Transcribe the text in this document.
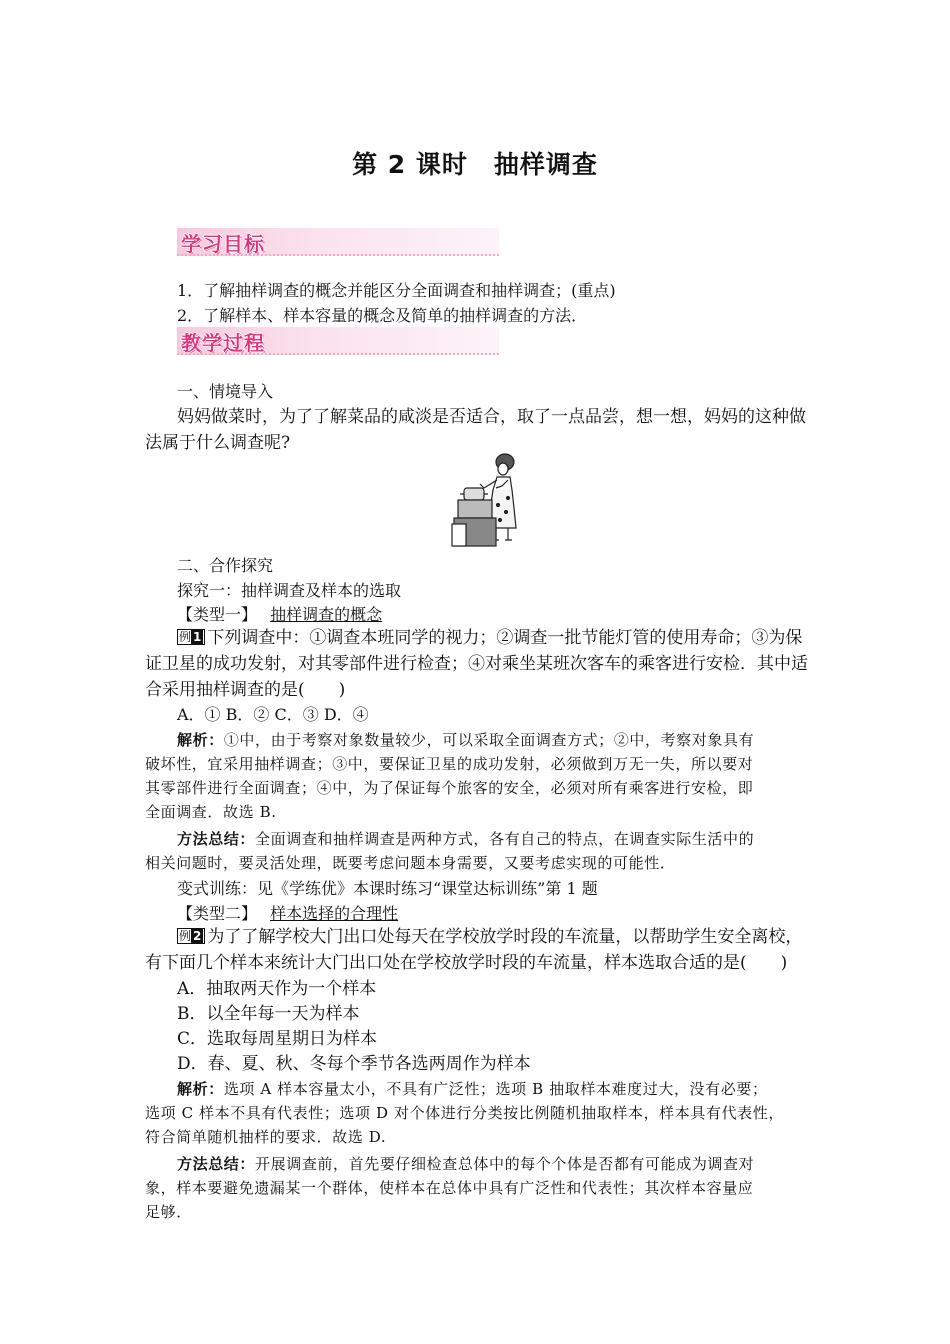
第 2 课时　抽样调查
学习目标
1．了解抽样调查的概念并能区分全面调查和抽样调查；(重点)
2．了解样本、样本容量的概念及简单的抽样调查的方法．
教学过程
一、情境导入
妈妈做菜时，为了了解菜品的咸淡是否适合，取了一点品尝，想一想，妈妈的这种做
法属于什么调查呢?
二、合作探究
探究一：抽样调查及样本的选取
【类型一】 抽样调查的概念
例 1 下列调查中：①调查本班同学的视力；②调查一批节能灯管的使用寿命；③为保
证卫星的成功发射，对其零部件进行检查；④对乘坐某班次客车的乘客进行安检．其中适
合采用抽样调查的是(　　)
A．① B．② C．③ D．④
解析：①中，由于考察对象数量较少，可以采取全面调查方式；②中，考察对象具有
破坏性，宜采用抽样调查；③中，要保证卫星的成功发射，必须做到万无一失，所以要对
其零部件进行全面调查；④中，为了保证每个旅客的安全，必须对所有乘客进行安检，即
全面调查．故选 B.
方法总结：全面调查和抽样调查是两种方式，各有自己的特点，在调查实际生活中的
相关问题时，要灵活处理，既要考虑问题本身需要，又要考虑实现的可能性．
变式训练：见《学练优》本课时练习“课堂达标训练”第 1 题
【类型二】 样本选择的合理性
例 2 为了了解学校大门出口处每天在学校放学时段的车流量，以帮助学生安全离校，
有下面几个样本来统计大门出口处在学校放学时段的车流量，样本选取合适的是(　　)
A．抽取两天作为一个样本
B．以全年每一天为样本
C．选取每周星期日为样本
D．春、夏、秋、冬每个季节各选两周作为样本
解析：选项 A 样本容量太小，不具有广泛性；选项 B 抽取样本难度过大，没有必要；
选项 C 样本不具有代表性；选项 D 对个体进行分类按比例随机抽取样本，样本具有代表性，
符合简单随机抽样的要求．故选 D.
方法总结：开展调查前，首先要仔细检查总体中的每个个体是否都有可能成为调查对
象，样本要避免遗漏某一个群体，使样本在总体中具有广泛性和代表性；其次样本容量应
足够．
